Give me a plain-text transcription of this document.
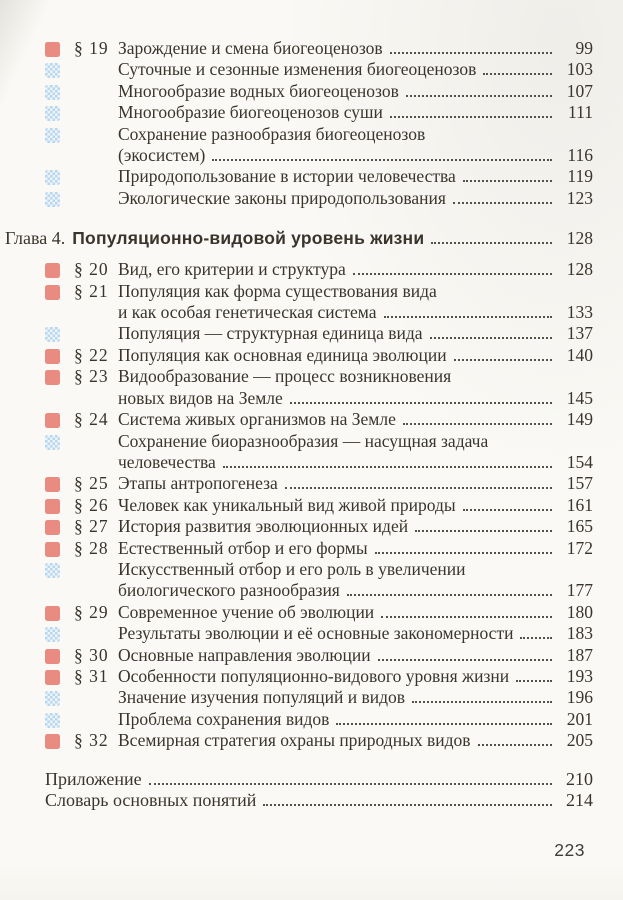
§ 19 Зарождение и смена биогеоценозов	99
Суточные и сезонные изменения биогеоценозов	103
Многообразие водных биогеоценозов	107
Многообразие биогеоценозов суши	111
Сохранение разнообразия биогеоценозов
(экосистем)	116
Природопользование в истории человечества	119
Экологические законы природопользования	123
Глава 4. Популяционно-видовой уровень жизни	128
§ 20 Вид, его критерии и структура	128
§ 21 Популяция как форма существования вида
и как особая генетическая система	133
Популяция — структурная единица вида	137
§ 22 Популяция как основная единица эволюции	140
§ 23 Видообразование — процесс возникновения
новых видов на Земле	145
§ 24 Система живых организмов на Земле	149
Сохранение биоразнообразия — насущная задача
человечества	154
§ 25 Этапы антропогенеза	157
§ 26 Человек как уникальный вид живой природы	161
§ 27 История развития эволюционных идей	165
§ 28 Естественный отбор и его формы	172
Искусственный отбор и его роль в увеличении
биологического разнообразия	177
§ 29 Современное учение об эволюции	180
Результаты эволюции и её основные закономерности	183
§ 30 Основные направления эволюции	187
§ 31 Особенности популяционно-видового уровня жизни	193
Значение изучения популяций и видов	196
Проблема сохранения видов	201
§ 32 Всемирная стратегия охраны природных видов	205
Приложение	210
Словарь основных понятий	214
223
